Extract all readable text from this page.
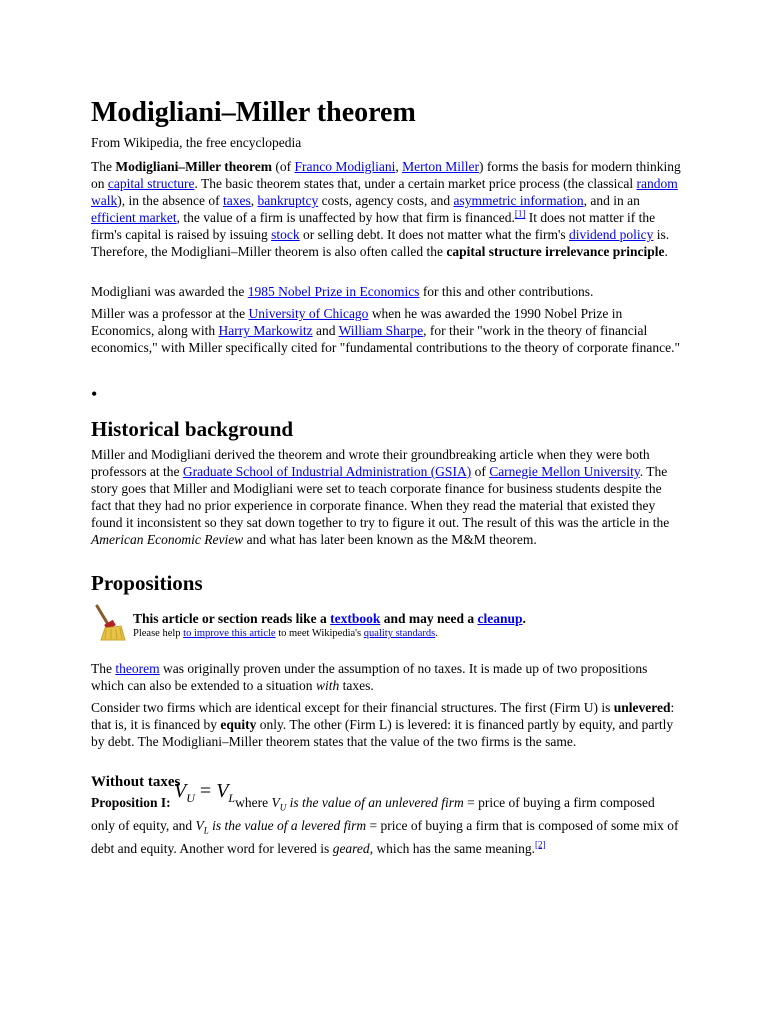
Modigliani–Miller theorem
From Wikipedia, the free encyclopedia

The Modigliani–Miller theorem (of Franco Modigliani, Merton Miller) forms the basis for modern thinking on capital structure. The basic theorem states that, under a certain market price process (the classical random walk), in the absence of taxes, bankruptcy costs, agency costs, and asymmetric information, and in an efficient market, the value of a firm is unaffected by how that firm is financed.[1] It does not matter if the firm's capital is raised by issuing stock or selling debt. It does not matter what the firm's dividend policy is. Therefore, the Modigliani–Miller theorem is also often called the capital structure irrelevance principle.

Modigliani was awarded the 1985 Nobel Prize in Economics for this and other contributions.

Miller was a professor at the University of Chicago when he was awarded the 1990 Nobel Prize in Economics, along with Harry Markowitz and William Sharpe, for their "work in the theory of financial economics," with Miller specifically cited for "fundamental contributions to the theory of corporate finance."

•
Historical background

Miller and Modigliani derived the theorem and wrote their groundbreaking article when they were both professors at the Graduate School of Industrial Administration (GSIA) of Carnegie Mellon University. The story goes that Miller and Modigliani were set to teach corporate finance for business students despite the fact that they had no prior experience in corporate finance. When they read the material that existed they found it inconsistent so they sat down together to try to figure it out. The result of this was the article in the American Economic Review and what has later been known as the M&M theorem.

Propositions
This article or section reads like a textbook and may need a cleanup.
Please help to improve this article to meet Wikipedia's quality standards.

The theorem was originally proven under the assumption of no taxes. It is made up of two propositions which can also be extended to a situation with taxes.

Consider two firms which are identical except for their financial structures. The first (Firm U) is unlevered: that is, it is financed by equity only. The other (Firm L) is levered: it is financed partly by equity, and partly by debt. The Modigliani–Miller theorem states that the value of the two firms is the same.

Without taxes

Proposition I: $V_U$ = $V_Lwhere$ $V_U$ is the value of an unlevered firm = price of buying a firm composed only of equity, and $V_L$ is the value of a levered firm = price of buying a firm that is composed of some mix of debt and equity. Another word for levered is geared, which has the same meaning.[2]
